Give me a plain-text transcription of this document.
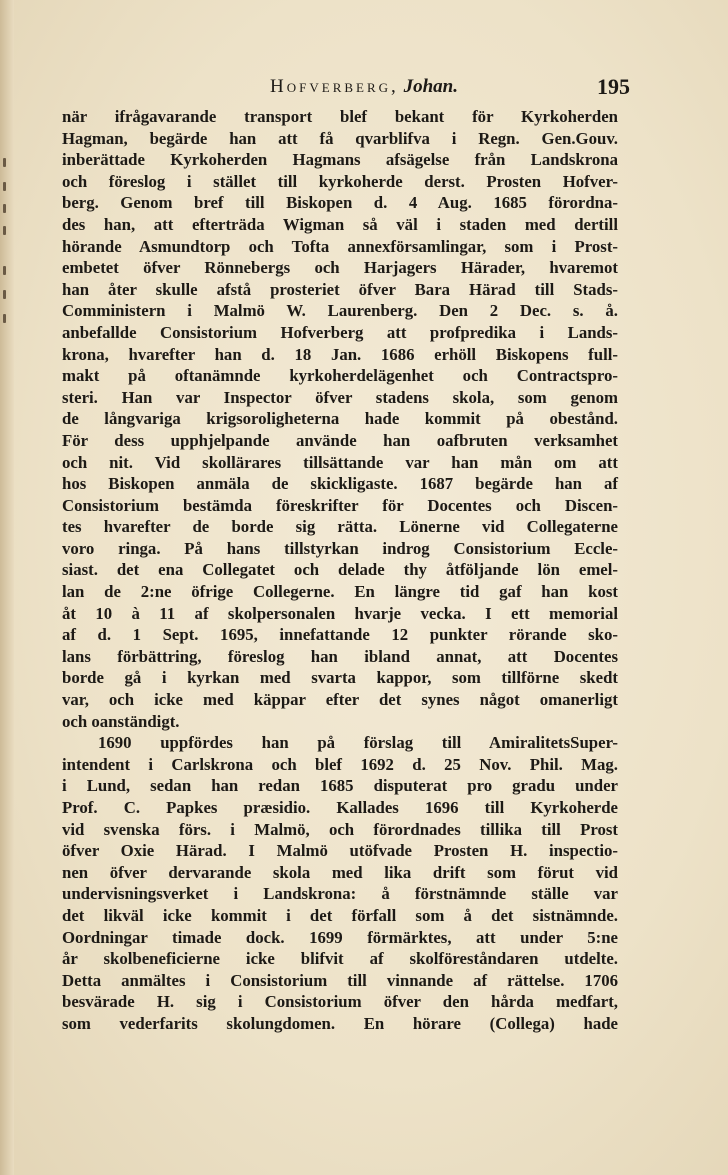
Hofverberg, Johan.	195
när ifrågavarande transport blef bekant för Kyrkoherden
Hagman, begärde han att få qvarblifva i Regn. Gen.Gouv.
inberättade Kyrkoherden Hagmans afsägelse från Landskrona
och föreslog i stället till kyrkoherde derst. Prosten Hofver-
berg. Genom bref till Biskopen d. 4 Aug. 1685 förordna-
des han, att efterträda Wigman så väl i staden med dertill
hörande Asmundtorp och Tofta annexförsamlingar, som i Prost-
embetet öfver Rönnebergs och Harjagers Härader, hvaremot
han åter skulle afstå prosteriet öfver Bara Härad till Stads-
Comministern i Malmö W. Laurenberg. Den 2 Dec. s. å.
anbefallde Consistorium Hofverberg att profpredika i Lands-
krona, hvarefter han d. 18 Jan. 1686 erhöll Biskopens full-
makt på oftanämnde kyrkoherdelägenhet och Contractspro-
steri. Han var Inspector öfver stadens skola, som genom
de långvariga krigsoroligheterna hade kommit på obestånd.
För dess upphjelpande använde han oafbruten verksamhet
och nit. Vid skollärares tillsättande var han mån om att
hos Biskopen anmäla de skickligaste. 1687 begärde han af
Consistorium bestämda föreskrifter för Docentes och Discen-
tes hvarefter de borde sig rätta. Lönerne vid Collegaterne
voro ringa. På hans tillstyrkan indrog Consistorium Eccle-
siast. det ena Collegatet och delade thy åtföljande lön emel-
lan de 2:ne öfrige Collegerne. En längre tid gaf han kost
åt 10 à 11 af skolpersonalen hvarje vecka. I ett memorial
af d. 1 Sept. 1695, innefattande 12 punkter rörande sko-
lans förbättring, föreslog han ibland annat, att Docentes
borde gå i kyrkan med svarta kappor, som tillförne skedt
var, och icke med käppar efter det synes något omanerligt
och oanständigt.
1690 uppfördes han på förslag till AmiralitetsSuper-
intendent i Carlskrona och blef 1692 d. 25 Nov. Phil. Mag.
i Lund, sedan han redan 1685 disputerat pro gradu under
Prof. C. Papkes præsidio. Kallades 1696 till Kyrkoherde
vid svenska förs. i Malmö, och förordnades tillika till Prost
öfver Oxie Härad. I Malmö utöfvade Prosten H. inspectio-
nen öfver dervarande skola med lika drift som förut vid
undervisningsverket i Landskrona: å förstnämnde ställe var
det likväl icke kommit i det förfall som å det sistnämnde.
Oordningar timade dock. 1699 förmärktes, att under 5:ne
år skolbeneficierne icke blifvit af skolföreståndaren utdelte.
Detta anmältes i Consistorium till vinnande af rättelse. 1706
besvärade H. sig i Consistorium öfver den hårda medfart,
som vederfarits skolungdomen. En hörare (Collega) hade
